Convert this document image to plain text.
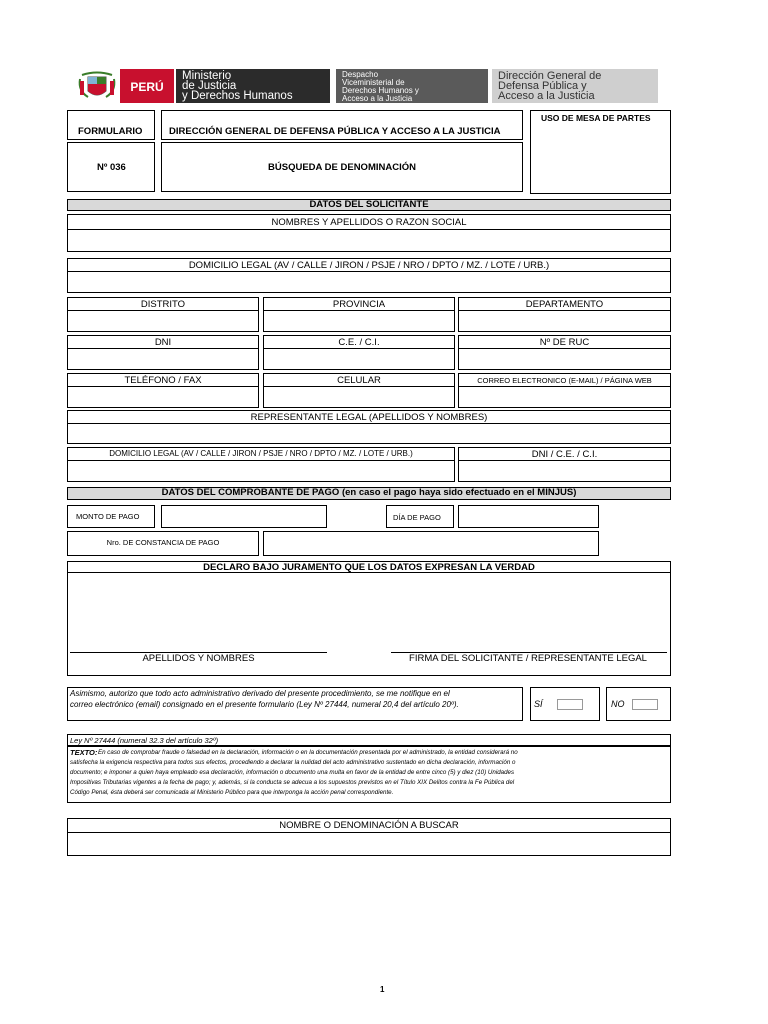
PERÚ
Ministerio
de Justicia
y Derechos Humanos
Despacho
Viceministerial de
Derechos Humanos y
Acceso a la Justicia
Dirección General de
Defensa Pública y
Acceso a la Justicia
FORMULARIO	DIRECCIÓN GENERAL DE DEFENSA PÚBLICA Y ACCESO A LA JUSTICIA
Nº 036	BÚSQUEDA DE DENOMINACIÓN
USO DE MESA DE PARTES
DATOS DEL SOLICITANTE
NOMBRES Y APELLIDOS O RAZON SOCIAL
DOMICILIO LEGAL (AV / CALLE / JIRON / PSJE / NRO / DPTO / MZ. / LOTE / URB.)
DISTRITO	PROVINCIA	DEPARTAMENTO
DNI	C.E. / C.I.	Nº DE RUC
TELÉFONO / FAX	CELULAR	CORREO ELECTRONICO (E-MAIL) / PÁGINA WEB
REPRESENTANTE LEGAL (APELLIDOS Y NOMBRES)
DOMICILIO LEGAL (AV / CALLE / JIRON / PSJE / NRO / DPTO / MZ. / LOTE / URB.)	DNI / C.E. / C.I.
DATOS DEL COMPROBANTE DE PAGO (en caso el pago haya sido efectuado en el MINJUS)
MONTO DE PAGO	DÍA DE PAGO
Nro. DE CONSTANCIA DE PAGO
DECLARO BAJO JURAMENTO QUE LOS DATOS EXPRESAN LA VERDAD
APELLIDOS Y NOMBRES	FIRMA DEL SOLICITANTE / REPRESENTANTE LEGAL
Asimismo, autorizo que todo acto administrativo derivado del presente procedimiento, se me notifique en el
correo electrónico (email) consignado en el presente formulario (Ley Nº 27444, numeral 20,4 del artículo 20º).	SÍ	NO
Ley Nº 27444 (numeral 32.3 del artículo 32º)
TEXTO: En caso de comprobar fraude o falsedad en la declaración, información o en la documentación presentada por el administrado, la entidad considerará no
satisfecha la exigencia respectiva para todos sus efectos, procediendo a declarar la nulidad del acto administrativo sustentado en dicha declaración, información o
documento; e imponer a quien haya empleado esa declaración, información o documento una multa en favor de la entidad de entre cinco (5) y diez (10) Unidades
Impositivas Tributarias vigentes a la fecha de pago; y, además, si la conducta se adecua a los supuestos previstos en el Título XIX Delitos contra la Fe Pública del
Código Penal, ésta deberá ser comunicada al Ministerio Público para que interponga la acción penal correspondiente.
NOMBRE O DENOMINACIÓN A BUSCAR
1
